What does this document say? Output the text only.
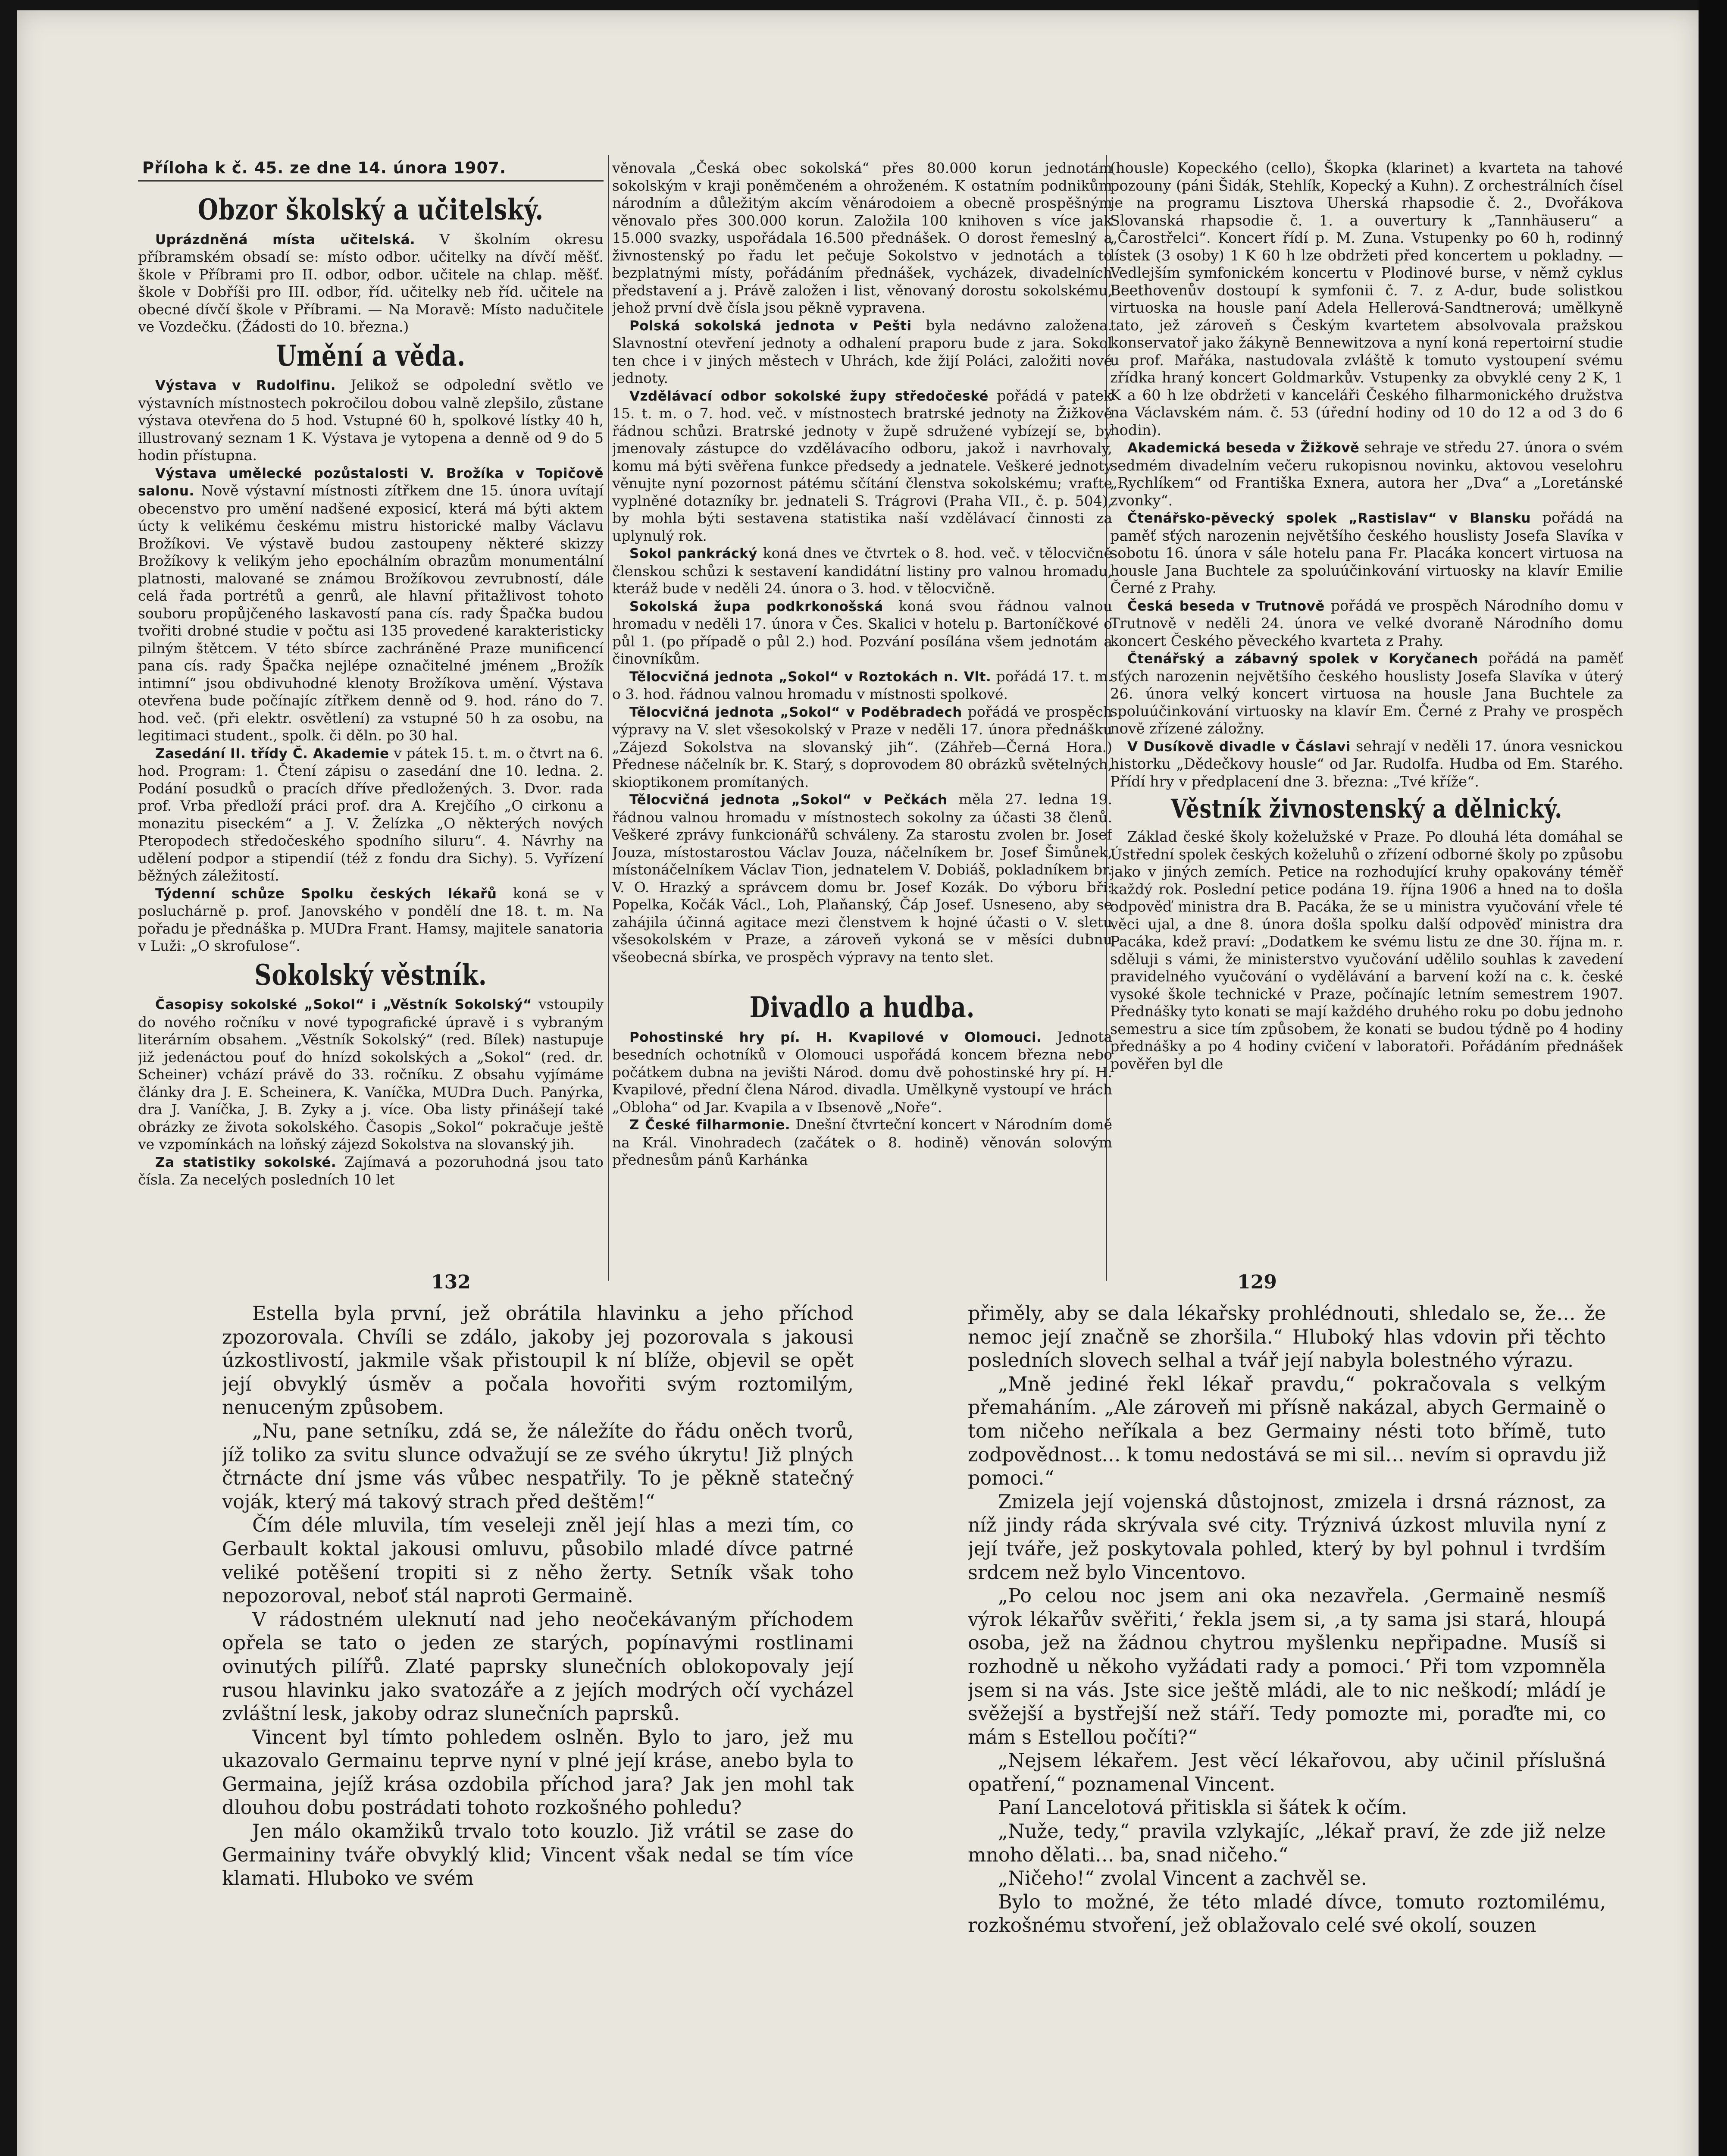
Příloha k č. 45. ze dne 14. února 1907.
Obzor školský a učitelský.

Uprázdněná místa učitelská. V školním okresu příbramském obsadí se: místo odbor. učitelky na dívčí měšť. škole v Příbrami pro II. odbor, odbor. učitele na chlap. měšť. škole v Dobříši pro III. odbor, říd. učitelky neb říd. učitele na obecné dívčí škole v Příbrami. — Na Moravě: Místo nadučitele ve Vozdečku. (Žádosti do 10. března.)

Umění a věda.

Výstava v Rudolfinu. Jelikož se odpolední světlo ve výstavních místnostech pokročilou dobou valně zlepšilo, zůstane výstava otevřena do 5 hod. Vstupné 60 h, spolkové lístky 40 h, illustrovaný seznam 1 K. Výstava je vytopena a denně od 9 do 5 hodin přístupna.

Výstava umělecké pozůstalosti V. Brožíka v Topičově salonu. Nově výstavní místnosti zítřkem dne 15. února uvítají obecenstvo pro umění nadšené exposicí, která má býti aktem úcty k velikému českému mistru historické malby Václavu Brožíkovi. Ve výstavě budou zastoupeny některé skizzy Brožíkovy k velikým jeho epochálním obrazům monumentální platnosti, malované se známou Brožíkovou zevrubností, dále celá řada portrétů a genrů, ale hlavní přitažlivost tohoto souboru propůjčeného laskavostí pana cís. rady Špačka budou tvořiti drobné studie v počtu asi 135 provedené karakteristicky pilným štětcem. V této sbírce zachráněné Praze munificencí pana cís. rady Špačka nejlépe označitelné jménem „Brožík intimní“ jsou obdivuhodné klenoty Brožíkova umění. Výstava otevřena bude počínajíc zítřkem denně od 9. hod. ráno do 7. hod. več. (při elektr. osvětlení) za vstupné 50 h za osobu, na legitimaci student., spolk. či děln. po 30 hal.

Zasedání II. třídy Č. Akademie v pátek 15. t. m. o čtvrt na 6. hod. Program: 1. Čtení zápisu o zasedání dne 10. ledna. 2. Podání posudků o pracích dříve předložených. 3. Dvor. rada prof. Vrba předloží práci prof. dra A. Krejčího „O cirkonu a monazitu piseckém“ a J. V. Želízka „O některých nových Pteropodech středočeského spodního siluru“. 4. Návrhy na udělení podpor a stipendií (též z fondu dra Sichy). 5. Vyřízení běžných záležitostí.

Týdenní schůze Spolku českých lékařů koná se v posluchárně p. prof. Janovského v pondělí dne 18. t. m. Na pořadu je přednáška p. MUDra Frant. Hamsy, majitele sanatoria v Luži: „O skrofulose“.

Sokolský věstník.

Časopisy sokolské „Sokol“ i „Věstník Sokolský“ vstoupily do nového ročníku v nové typografické úpravě i s vybraným literárním obsahem. „Věstník Sokolský“ (red. Bílek) nastupuje již jedenáctou pouť do hnízd sokolských a „Sokol“ (red. dr. Scheiner) vchází právě do 33. ročníku. Z obsahu vyjímáme články dra J. E. Scheinera, K. Vaníčka, MUDra Duch. Panýrka, dra J. Vaníčka, J. B. Zyky a j. více. Oba listy přinášejí také obrázky ze života sokolského. Časopis „Sokol“ pokračuje ještě ve vzpomínkách na loňský zájezd Sokolstva na slovanský jih.

Za statistiky sokolské. Zajímavá a pozoruhodná jsou tato čísla. Za necelých posledních 10 let

věnovala „Česká obec sokolská“ přes 80.000 korun jednotám sokolským v kraji poněmčeném a ohroženém. K ostatním podnikům národním a důležitým akcím věnárodoiem a obecně prospěšným věnovalo přes 300.000 korun. Založila 100 knihoven s více jak 15.000 svazky, uspořádala 16.500 přednášek. O dorost řemeslný a živnostenský po řadu let pečuje Sokolstvo v jednotách a to bezplatnými místy, pořádáním přednášek, vycházek, divadelních představení a j. Právě založen i list, věnovaný dorostu sokolskému, jehož první dvě čísla jsou pěkně vypravena.

Polská sokolská jednota v Pešti byla nedávno založena. Slavnostní otevření jednoty a odhalení praporu bude z jara. Sokol ten chce i v jiných městech v Uhrách, kde žijí Poláci, založiti nové jednoty.

Vzdělávací odbor sokolské župy středočeské pořádá v patek 15. t. m. o 7. hod. več. v místnostech bratrské jednoty na Žižkově řádnou schůzi. Bratrské jednoty v župě sdružené vybízejí se, by jmenovaly zástupce do vzdělávacího odboru, jakož i navrhovaly, komu má býti svěřena funkce předsedy a jednatele. Veškeré jednoty věnujte nyní pozornost pátému sčítání členstva sokolskému; vraťte vyplněné dotazníky br. jednateli S. Trágrovi (Praha VII., č. p. 504), by mohla býti sestavena statistika naší vzdělávací činnosti za uplynulý rok.

Sokol pankrácký koná dnes ve čtvrtek o 8. hod. več. v tělocvičně členskou schůzi k sestavení kandidátní listiny pro valnou hromadu, kteráž bude v neděli 24. února o 3. hod. v tělocvičně.

Sokolská župa podkrkonošská koná svou řádnou valnou hromadu v neděli 17. února v Čes. Skalici v hotelu p. Bartoníčkové o půl 1. (po případě o půl 2.) hod. Pozvání posílána všem jednotám a činovníkům.

Tělocvičná jednota „Sokol“ v Roztokách n. Vlt. pořádá 17. t. m. o 3. hod. řádnou valnou hromadu v místnosti spolkové.

Tělocvičná jednota „Sokol“ v Poděbradech pořádá ve prospěch výpravy na V. slet všesokolský v Praze v neděli 17. února přednášku „Zájezd Sokolstva na slovanský jih“. (Záhřeb—Černá Hora.) Přednese náčelník br. K. Starý, s doprovodem 80 obrázků světelných, skioptikonem promítaných.

Tělocvičná jednota „Sokol“ v Pečkách měla 27. ledna 19. řádnou valnou hromadu v místnostech sokolny za účasti 38 členů. Veškeré zprávy funkcionářů schváleny. Za starostu zvolen br. Josef Jouza, místostarostou Václav Jouza, náčelníkem br. Josef Šimůnek, místonáčelníkem Václav Tion, jednatelem V. Dobiáš, pokladníkem br. V. O. Hrazký a správcem domu br. Josef Kozák. Do výboru bři: Popelka, Kočák Václ., Loh, Plaňanský, Čáp Josef. Usneseno, aby se zahájila účinná agitace mezi členstvem k hojné účasti o V. sletu všesokolském v Praze, a zároveň vykoná se v měsíci dubnu všeobecná sbírka, ve prospěch výpravy na tento slet.

Divadlo a hudba.

Pohostinské hry pí. H. Kvapilové v Olomouci. Jednota besedních ochotníků v Olomouci uspořádá koncem března nebo počátkem dubna na jevišti Národ. domu dvě pohostinské hry pí. H. Kvapilové, přední člena Národ. divadla. Umělkyně vystoupí ve hrách „Obloha“ od Jar. Kvapila a v Ibsenově „Noře“.

Z České filharmonie. Dnešní čtvrteční koncert v Národním domě na Král. Vinohradech (začátek o 8. hodině) věnován solovým přednesům pánů Karhánka

(housle) Kopeckého (cello), Škopka (klarinet) a kvarteta na tahové pozouny (páni Šidák, Stehlík, Kopecký a Kuhn). Z orchestrálních čísel je na programu Lisztova Uherská rhapsodie č. 2., Dvořákova Slovanská rhapsodie č. 1. a ouvertury k „Tannhäuseru“ a „Čarostřelci“. Koncert řídí p. M. Zuna. Vstupenky po 60 h, rodinný lístek (3 osoby) 1 K 60 h lze obdržeti před koncertem u pokladny. — Vedlejším symfonickém koncertu v Plodinové burse, v němž cyklus Beethovenův dostoupí k symfonii č. 7. z A-dur, bude solistkou virtuoska na housle paní Adela Hellerová-Sandtnerová; umělkyně tato, jež zároveň s Českým kvartetem absolvovala pražskou konservatoř jako žákyně Bennewitzova a nyní koná repertoirní studie u prof. Mařáka, nastudovala zvláště k tomuto vystoupení svému zřídka hraný koncert Goldmarkův. Vstupenky za obvyklé ceny 2 K, 1 K a 60 h lze obdržeti v kanceláři Českého filharmonického družstva na Václavském nám. č. 53 (úřední hodiny od 10 do 12 a od 3 do 6 hodin).

Akademická beseda v Žižkově sehraje ve středu 27. února o svém sedmém divadelním večeru rukopisnou novinku, aktovou veselohru „Rychlíkem“ od Františka Exnera, autora her „Dva“ a „Loretánské zvonky“.

Čtenářsko-pěvecký spolek „Rastislav“ v Blansku pořádá na paměť sťých narozenin největšího českého houslisty Josefa Slavíka v sobotu 16. února v sále hotelu pana Fr. Placáka koncert virtuosa na housle Jana Buchtele za spoluúčinkování virtuosky na klavír Emilie Černé z Prahy.

Česká beseda v Trutnově pořádá ve prospěch Národního domu v Trutnově v neděli 24. února ve velké dvoraně Národního domu koncert Českého pěveckého kvarteta z Prahy.

Čtenářský a zábavný spolek v Koryčanech pořádá na paměť sťých narozenin největšího českého houslisty Josefa Slavíka v úterý 26. února velký koncert virtuosa na housle Jana Buchtele za spoluúčinkování virtuosky na klavír Em. Černé z Prahy ve prospěch nově zřízené záložny.

V Dusíkově divadle v Čáslavi sehrají v neděli 17. února vesnickou historku „Dědečkovy housle“ od Jar. Rudolfa. Hudba od Em. Starého. Přídí hry v předplacení dne 3. března: „Tvé kříže“.

Věstník živnostenský a dělnický.

Základ české školy koželužské v Praze. Po dlouhá léta domáhal se Ústřední spolek českých koželuhů o zřízení odborné školy po způsobu jako v jiných zemích. Petice na rozhodující kruhy opakovány téměř každý rok. Poslední petice podána 19. října 1906 a hned na to došla odpověď ministra dra B. Pacáka, že se u ministra vyučování vřele té věci ujal, a dne 8. února došla spolku další odpověď ministra dra Pacáka, kdež praví: „Dodatkem ke svému listu ze dne 30. října m. r. sděluji s vámi, že ministerstvo vyučování udělilo souhlas k zavedení pravidelného vyučování o vydělávání a barvení koží na c. k. české vysoké škole technické v Praze, počínajíc letním semestrem 1907. Přednášky tyto konati se mají každého druhého roku po dobu jednoho semestru a sice tím způsobem, že konati se budou týdně po 4 hodiny přednášky a po 4 hodiny cvičení v laboratoři. Pořádáním přednášek pověřen byl dle

132	129

Estella byla první, jež obrátila hlavinku a jeho příchod zpozorovala. Chvíli se zdálo, jakoby jej pozorovala s jakousi úzkostlivostí, jakmile však přistoupil k ní blíže, objevil se opět její obvyklý úsměv a počala hovořiti svým roztomilým, nenuceným způsobem.

„Nu, pane setníku, zdá se, že náležíte do řádu oněch tvorů, jíž toliko za svitu slunce odvažují se ze svého úkrytu! Již plných čtrnácte dní jsme vás vůbec nespatřily. To je pěkně statečný voják, který má takový strach před deštěm!“

Čím déle mluvila, tím veseleji zněl její hlas a mezi tím, co Gerbault koktal jakousi omluvu, působilo mladé dívce patrné veliké potěšení tropiti si z něho žerty. Setník však toho nepozoroval, neboť stál naproti Germaině.

V rádostném uleknutí nad jeho neočekávaným příchodem opřela se tato o jeden ze starých, popínavými rostlinami ovinutých pilířů. Zlaté paprsky slunečních oblokopovaly její rusou hlavinku jako svatozáře a z jejích modrých očí vycházel zvláštní lesk, jakoby odraz slunečních paprsků.

Vincent byl tímto pohledem oslněn. Bylo to jaro, jež mu ukazovalo Germainu teprve nyní v plné její kráse, anebo byla to Germaina, jejíž krása ozdobila příchod jara? Jak jen mohl tak dlouhou dobu postrádati tohoto rozkošného pohledu?

Jen málo okamžiků trvalo toto kouzlo. Již vrátil se zase do Germaininy tváře obvyklý klid; Vincent však nedal se tím více klamati. Hluboko ve svém

přiměly, aby se dala lékařsky prohlédnouti, shledalo se, že… že nemoc její značně se zhoršila.“ Hluboký hlas vdovin při těchto posledních slovech selhal a tvář její nabyla bolestného výrazu.

„Mně jediné řekl lékař pravdu,“ pokračovala s velkým přemaháním. „Ale zároveň mi přísně nakázal, abych Germaině o tom ničeho neříkala a bez Germainy nésti toto břímě, tuto zodpovědnost… k tomu nedostává se mi sil… nevím si opravdu již pomoci.“

Zmizela její vojenská důstojnost, zmizela i drsná ráznost, za níž jindy ráda skrývala své city. Trýznivá úzkost mluvila nyní z její tváře, jež poskytovala pohled, který by byl pohnul i tvrdším srdcem než bylo Vincentovo.

„Po celou noc jsem ani oka nezavřela. ‚Germaině nesmíš výrok lékařův svěřiti,‘ řekla jsem si, ‚a ty sama jsi stará, hloupá osoba, jež na žádnou chytrou myšlenku nepřipadne. Musíš si rozhodně u někoho vyžádati rady a pomoci.‘ Při tom vzpomněla jsem si na vás. Jste sice ještě mládi, ale to nic neškodí; mládí je svěžejší a bystřejší než stáří. Tedy pomozte mi, poraďte mi, co mám s Estellou počíti?“

„Nejsem lékařem. Jest věcí lékařovou, aby učinil příslušná opatření,“ poznamenal Vincent.

Paní Lancelotová přitiskla si šátek k očím.

„Nuže, tedy,“ pravila vzlykajíc, „lékař praví, že zde již nelze mnoho dělati… ba, snad ničeho.“

„Ničeho!“ zvolal Vincent a zachvěl se.

Bylo to možné, že této mladé dívce, tomuto roztomilému, rozkošnému stvoření, jež oblažovalo celé své okolí, souzen
